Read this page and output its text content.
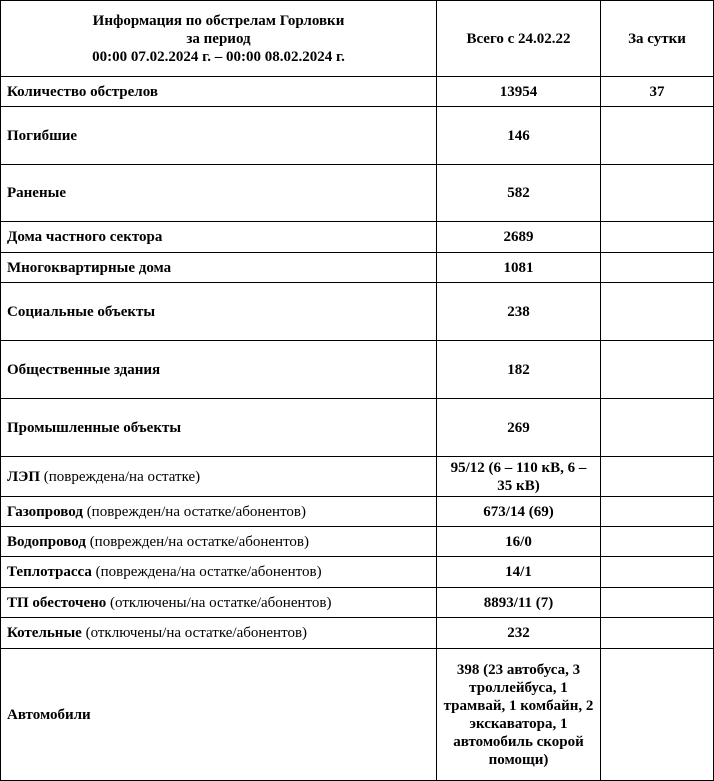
Информация по обстрелам Горловки
за период
00:00 07.02.2024 г. – 00:00 08.02.2024 г.	Всего с 24.02.22	За сутки
Количество обстрелов	13954	37
Погибшие	146	
Раненые	582	
Дома частного сектора	2689	
Многоквартирные дома	1081	
Социальные объекты	238	
Общественные здания	182	
Промышленные объекты	269	
ЛЭП (повреждена/на остатке)	95/12 (6 – 110 кВ, 6 – 35 кВ)	
Газопровод (поврежден/на остатке/абонентов)	673/14 (69)	
Водопровод (поврежден/на остатке/абонентов)	16/0	
Теплотрасса (повреждена/на остатке/абонентов)	14/1	
ТП обесточено (отключены/на остатке/абонентов)	8893/11 (7)	
Котельные (отключены/на остатке/абонентов)	232	
Автомобили	398 (23 автобуса, 3 троллейбуса, 1 трамвай, 1 комбайн, 2 экскаватора, 1 автомобиль скорой помощи)	
